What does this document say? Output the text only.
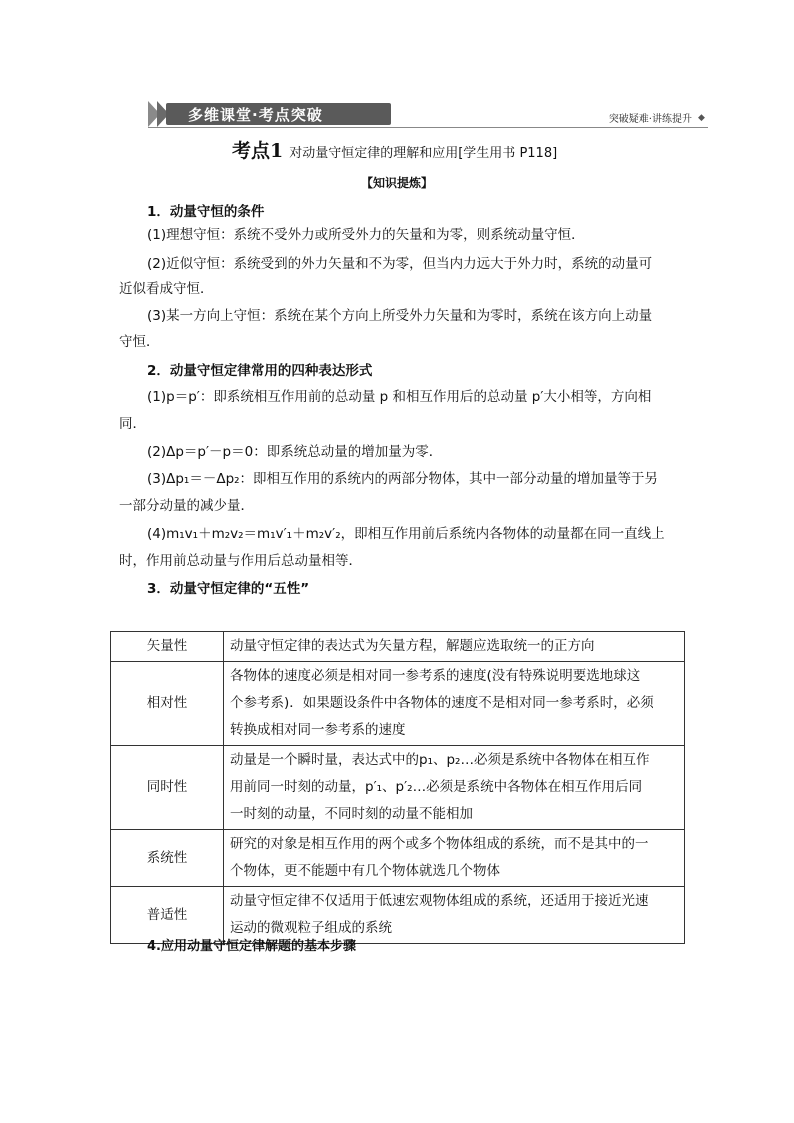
多维课堂·考点突破	突破疑难·讲练提升 ◆
考点1 对动量守恒定律的理解和应用[学生用书 P118]
【知识提炼】
1．动量守恒的条件
(1)理想守恒：系统不受外力或所受外力的矢量和为零，则系统动量守恒．
(2)近似守恒：系统受到的外力矢量和不为零，但当内力远大于外力时，系统的动量可
近似看成守恒．
(3)某一方向上守恒：系统在某个方向上所受外力矢量和为零时，系统在该方向上动量
守恒．
2．动量守恒定律常用的四种表达形式
(1)p＝p′：即系统相互作用前的总动量 p 和相互作用后的总动量 p′大小相等，方向相
同．
(2)Δp＝p′－p＝0：即系统总动量的增加量为零．
(3)Δp₁＝－Δp₂：即相互作用的系统内的两部分物体，其中一部分动量的增加量等于另
一部分动量的减少量．
(4)m₁v₁＋m₂v₂＝m₁v′₁＋m₂v′₂，即相互作用前后系统内各物体的动量都在同一直线上
时，作用前总动量与作用后总动量相等．
3．动量守恒定律的“五性”
矢量性	动量守恒定律的表达式为矢量方程，解题应选取统一的正方向

相对性	各物体的速度必须是相对同一参考系的速度(没有特殊说明要选地球这
个参考系)．如果题设条件中各物体的速度不是相对同一参考系时，必须
转换成相对同一参考系的速度

同时性	动量是一个瞬时量，表达式中的p₁、p₂…必须是系统中各物体在相互作
用前同一时刻的动量，p′₁、p′₂…必须是系统中各物体在相互作用后同
一时刻的动量，不同时刻的动量不能相加

系统性	研究的对象是相互作用的两个或多个物体组成的系统，而不是其中的一
个物体，更不能题中有几个物体就选几个物体

普适性	动量守恒定律不仅适用于低速宏观物体组成的系统，还适用于接近光速
运动的微观粒子组成的系统
4.应用动量守恒定律解题的基本步骤
